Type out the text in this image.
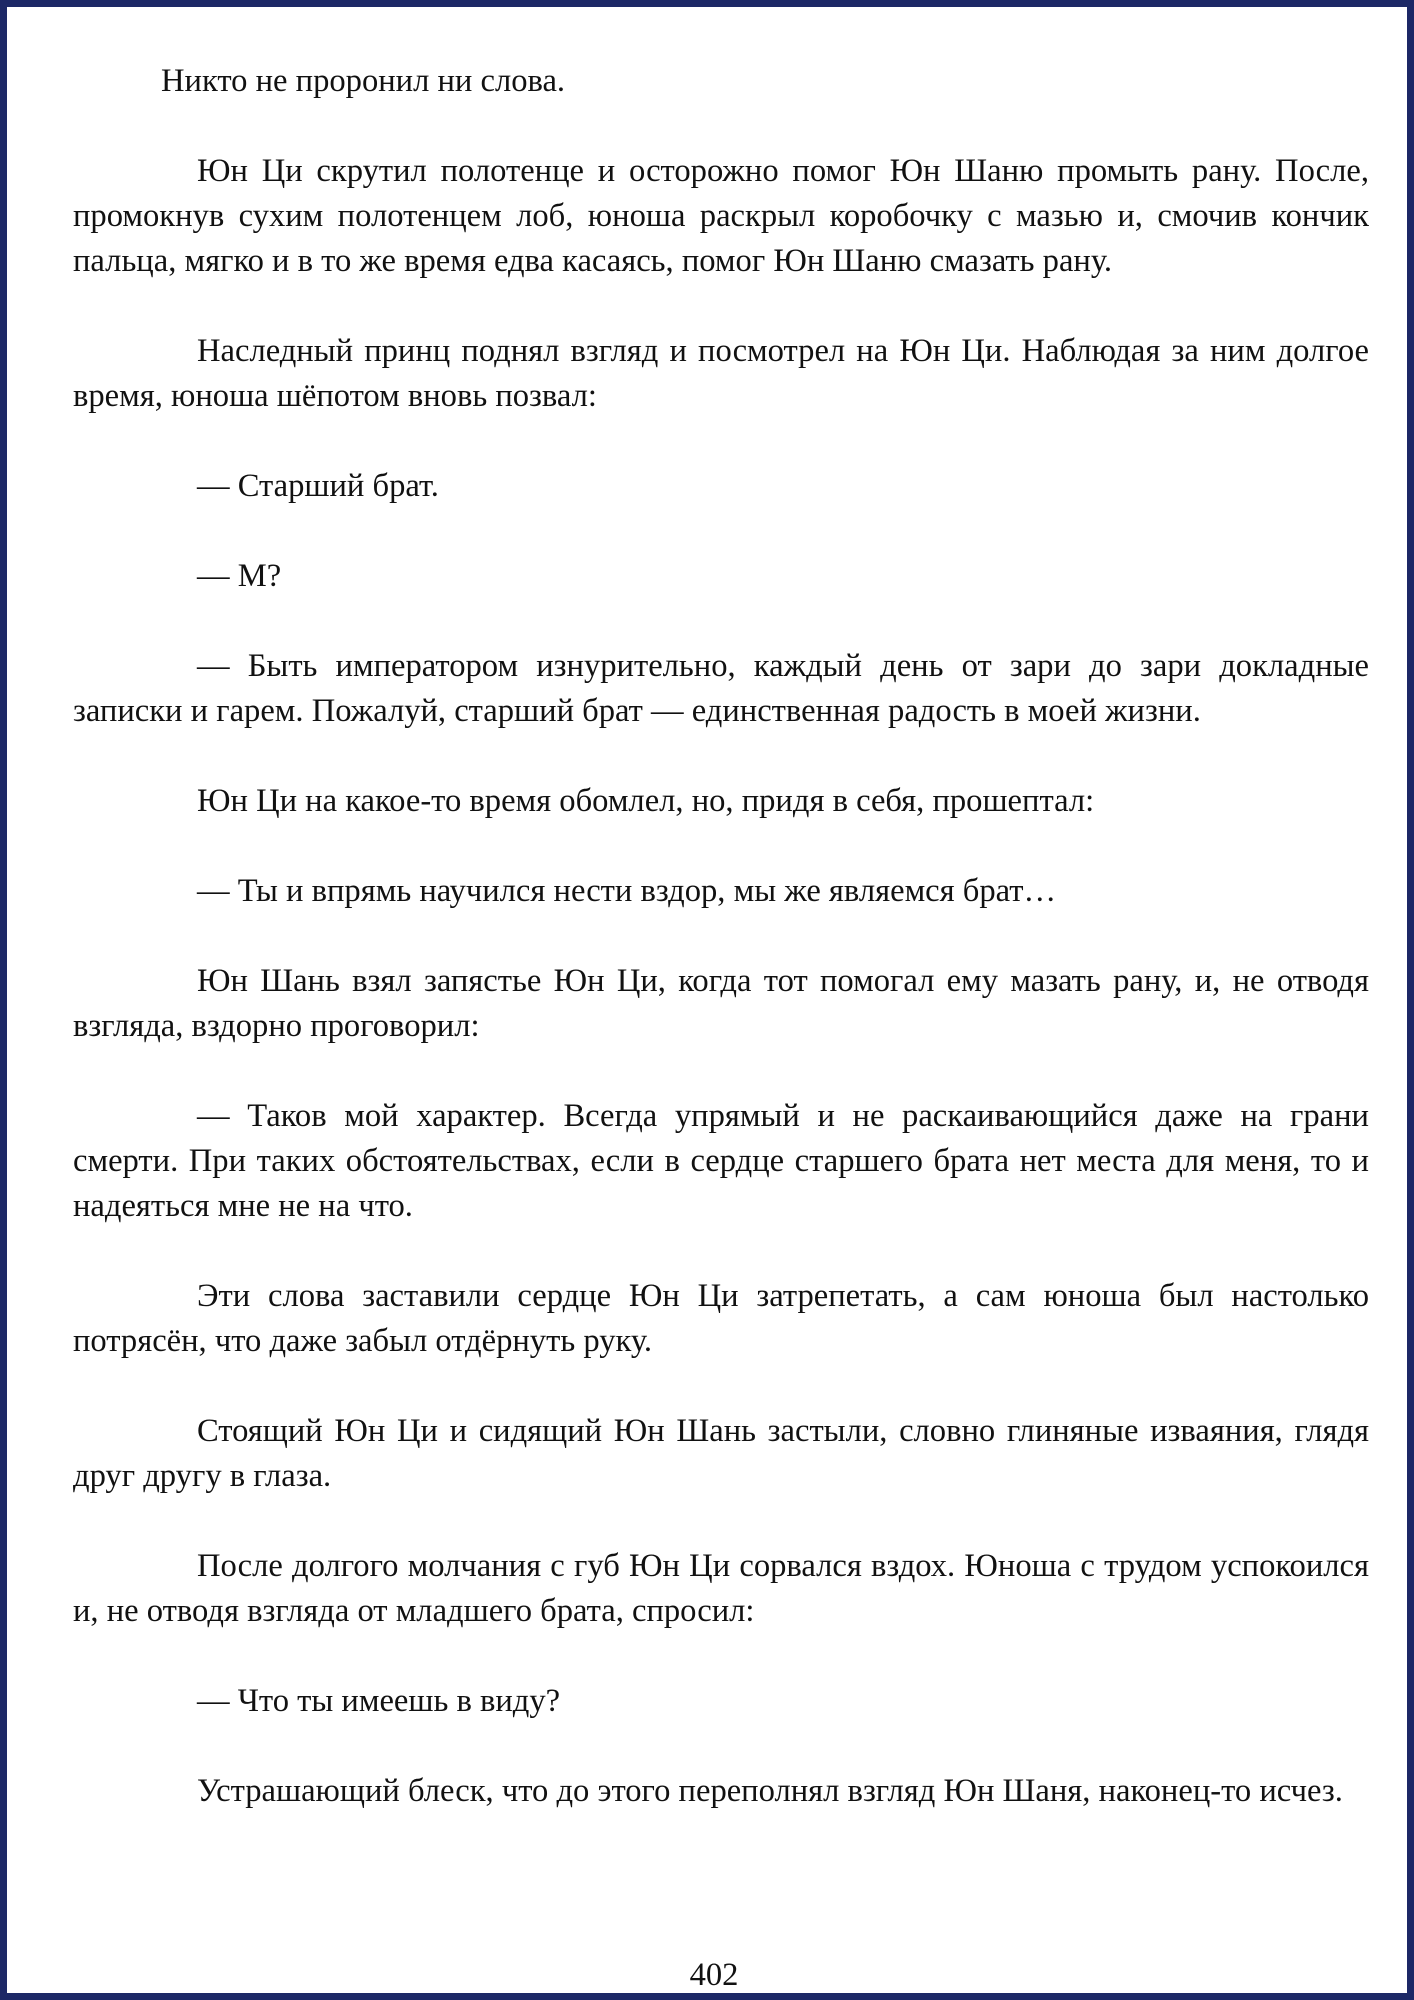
Никто не проронил ни слова.

Юн Ци скрутил полотенце и осторожно помог Юн Шаню промыть рану. После, промокнув сухим полотенцем лоб, юноша раскрыл коробочку с мазью и, смочив кончик пальца, мягко и в то же время едва касаясь, помог Юн Шаню смазать рану.

Наследный принц поднял взгляд и посмотрел на Юн Ци. Наблюдая за ним долгое время, юноша шёпотом вновь позвал:

— Старший брат.

— М?

— Быть императором изнурительно, каждый день от зари до зари докладные записки и гарем. Пожалуй, старший брат — единственная радость в моей жизни.

Юн Ци на какое-то время обомлел, но, придя в себя, прошептал:

— Ты и впрямь научился нести вздор, мы же являемся брат…

Юн Шань взял запястье Юн Ци, когда тот помогал ему мазать рану, и, не отводя взгляда, вздорно проговорил:

— Таков мой характер. Всегда упрямый и не раскаивающийся даже на грани смерти. При таких обстоятельствах, если в сердце старшего брата нет места для меня, то и надеяться мне не на что.

Эти слова заставили сердце Юн Ци затрепетать, а сам юноша был настолько потрясён, что даже забыл отдёрнуть руку.

Стоящий Юн Ци и сидящий Юн Шань застыли, словно глиняные изваяния, глядя друг другу в глаза.

После долгого молчания с губ Юн Ци сорвался вздох. Юноша с трудом успокоился и, не отводя взгляда от младшего брата, спросил:

— Что ты имеешь в виду?

Устрашающий блеск, что до этого переполнял взгляд Юн Шаня, наконец-то исчез.

402
